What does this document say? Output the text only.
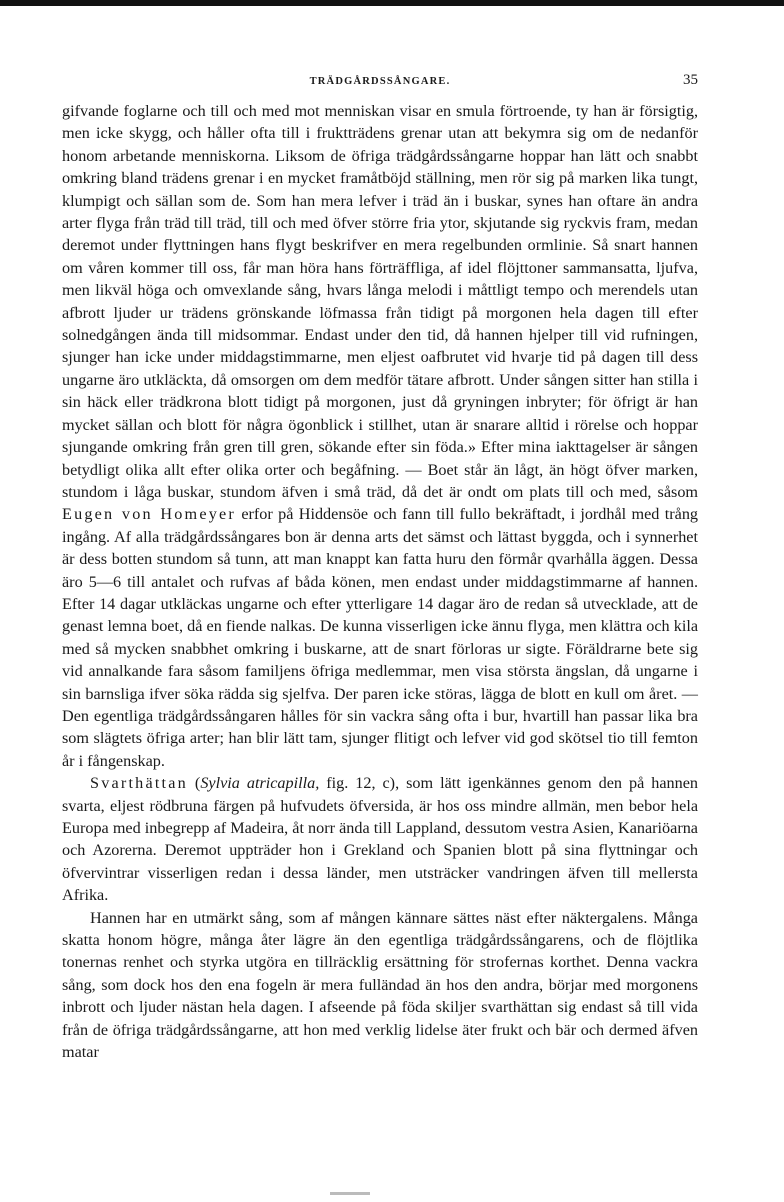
TRÄDGÅRDSSÅNGARE.	35

gifvande foglarne och till och med mot menniskan visar en smula förtroende, ty han är försigtig, men icke skygg, och håller ofta till i fruktträdens grenar utan att bekymra sig om de nedanför honom arbetande menniskorna. Liksom de öfriga trädgårdssångarne hoppar han lätt och snabbt omkring bland trädens grenar i en mycket framåtböjd ställning, men rör sig på marken lika tungt, klumpigt och sällan som de. Som han mera lefver i träd än i buskar, synes han oftare än andra arter flyga från träd till träd, till och med öfver större fria ytor, skjutande sig ryckvis fram, medan deremot under flyttningen hans flygt beskrifver en mera regelbunden ormlinie. Så snart hannen om våren kommer till oss, får man höra hans förträffliga, af idel flöjttoner sammansatta, ljufva, men likväl höga och omvexlande sång, hvars långa melodi i måttligt tempo och merendels utan afbrott ljuder ur trädens grönskande löfmassa från tidigt på morgonen hela dagen till efter solnedgången ända till midsommar. Endast under den tid, då hannen hjelper till vid rufningen, sjunger han icke under middagstimmarne, men eljest oafbrutet vid hvarje tid på dagen till dess ungarne äro utkläckta, då omsorgen om dem medför tätare afbrott. Under sången sitter han stilla i sin häck eller trädkrona blott tidigt på morgonen, just då gryningen inbryter; för öfrigt är han mycket sällan och blott för några ögonblick i stillhet, utan är snarare alltid i rörelse och hoppar sjungande omkring från gren till gren, sökande efter sin föda.» Efter mina iakttagelser är sången betydligt olika allt efter olika orter och begåfning. — Boet står än lågt, än högt öfver marken, stundom i låga buskar, stundom äfven i små träd, då det är ondt om plats till och med, såsom Eugen von Homeyer erfor på Hiddensöe och fann till fullo bekräftadt, i jordhål med trång ingång. Af alla trädgårdssångares bon är denna arts det sämst och lättast byggda, och i synnerhet är dess botten stundom så tunn, att man knappt kan fatta huru den förmår qvarhålla äggen. Dessa äro 5—6 till antalet och rufvas af båda könen, men endast under middagstimmarne af hannen. Efter 14 dagar utkläckas ungarne och efter ytterligare 14 dagar äro de redan så utvecklade, att de genast lemna boet, då en fiende nalkas. De kunna visserligen icke ännu flyga, men klättra och kila med så mycken snabbhet omkring i buskarne, att de snart förloras ur sigte. Föräldrarne bete sig vid annalkande fara såsom familjens öfriga medlemmar, men visa största ängslan, då ungarne i sin barnsliga ifver söka rädda sig sjelfva. Der paren icke störas, lägga de blott en kull om året. — Den egentliga trädgårdssångaren hålles för sin vackra sång ofta i bur, hvartill han passar lika bra som slägtets öfriga arter; han blir lätt tam, sjunger flitigt och lefver vid god skötsel tio till femton år i fångenskap.

Svarthättan (Sylvia atricapilla, fig. 12, c), som lätt igenkännes genom den på hannen svarta, eljest rödbruna färgen på hufvudets öfversida, är hos oss mindre allmän, men bebor hela Europa med inbegrepp af Madeira, åt norr ända till Lappland, dessutom vestra Asien, Kanariöarna och Azorerna. Deremot uppträder hon i Grekland och Spanien blott på sina flyttningar och öfvervintrar visserligen redan i dessa länder, men utsträcker vandringen äfven till mellersta Afrika.

Hannen har en utmärkt sång, som af mången kännare sättes näst efter näktergalens. Många skatta honom högre, många åter lägre än den egentliga trädgårdssångarens, och de flöjtlika tonernas renhet och styrka utgöra en tillräcklig ersättning för strofernas korthet. Denna vackra sång, som dock hos den ena fogeln är mera fulländad än hos den andra, börjar med morgonens inbrott och ljuder nästan hela dagen. I afseende på föda skiljer svarthättan sig endast så till vida från de öfriga trädgårdssångarne, att hon med verklig lidelse äter frukt och bär och dermed äfven matar
